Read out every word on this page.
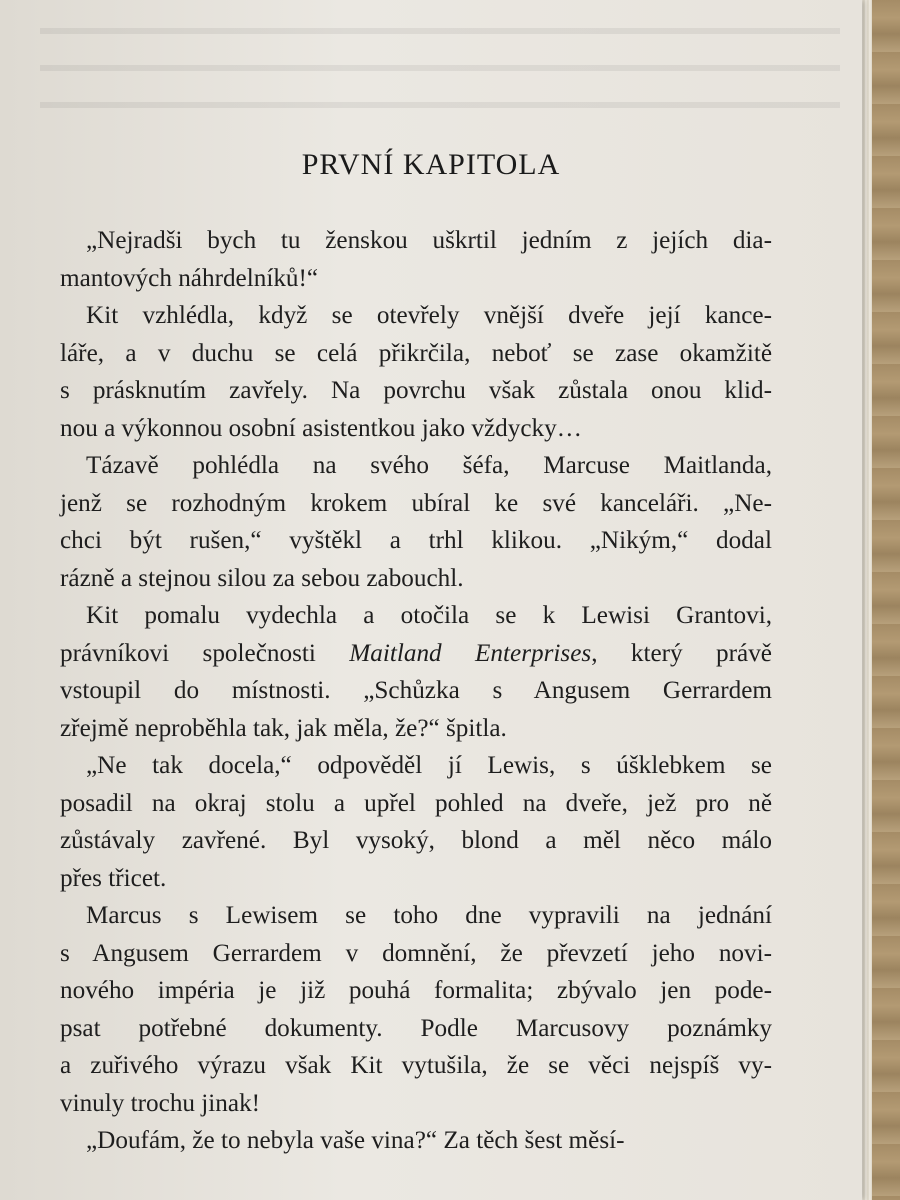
PRVNÍ KAPITOLA
„Nejradši bych tu ženskou uškrtil jedním z jejích dia-
mantových náhrdelníků!“
Kit vzhlédla, když se otevřely vnější dveře její kance-
láře, a v duchu se celá přikrčila, neboť se zase okamžitě
s prásknutím zavřely. Na povrchu však zůstala onou klid-
nou a výkonnou osobní asistentkou jako vždycky…
Tázavě pohlédla na svého šéfa, Marcuse Maitlanda,
jenž se rozhodným krokem ubíral ke své kanceláři. „Ne-
chci být rušen,“ vyštěkl a trhl klikou. „Nikým,“ dodal
rázně a stejnou silou za sebou zabouchl.
Kit pomalu vydechla a otočila se k Lewisi Grantovi,
právníkovi společnosti Maitland Enterprises, který právě
vstoupil do místnosti. „Schůzka s Angusem Gerrardem
zřejmě neproběhla tak, jak měla, že?“ špitla.
„Ne tak docela,“ odpověděl jí Lewis, s úšklebkem se
posadil na okraj stolu a upřel pohled na dveře, jež pro ně
zůstávaly zavřené. Byl vysoký, blond a měl něco málo
přes třicet.
Marcus s Lewisem se toho dne vypravili na jednání
s Angusem Gerrardem v domnění, že převzetí jeho novi-
nového impéria je již pouhá formalita; zbývalo jen pode-
psat potřebné dokumenty. Podle Marcusovy poznámky
a zuřivého výrazu však Kit vytušila, že se věci nejspíš vy-
vinuly trochu jinak!
„Doufám, že to nebyla vaše vina?“ Za těch šest měsí-
